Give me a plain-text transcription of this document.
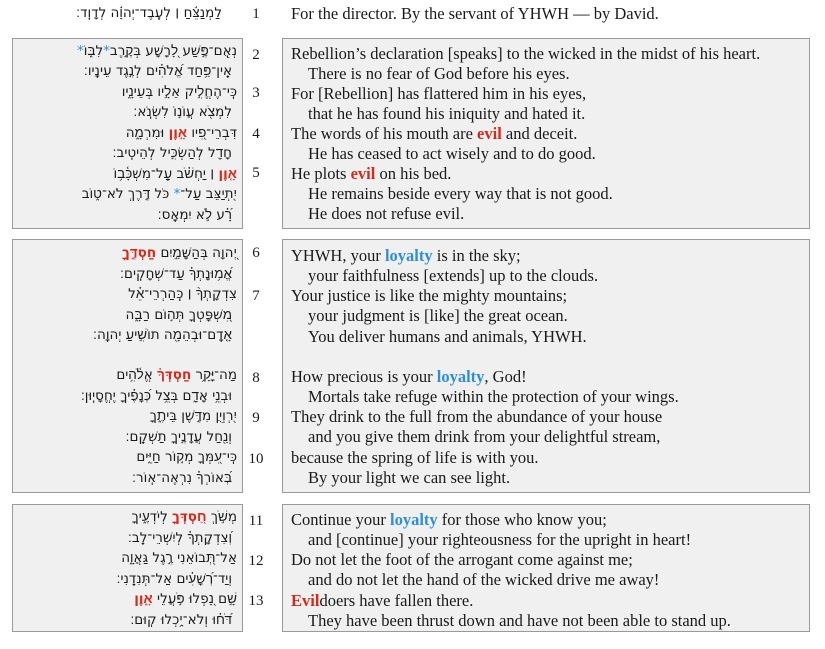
לַמְנַצֵּ֬חַ ׀ לְעֶֽבֶד־יְהוָ֬ה לְדָוִֽד׃	1	For the director. By the servant of YHWH — by David.
נְאֻֽם־פֶּ֣שַׁע לָ֭רָשָׁע בְּקֶ֣רֶב*לִבּ֑וֹ*
אֵֽין־פַּ֥חַד אֱ֝לֹהִ֗ים לְנֶ֣גֶד עֵינָֽיו׃
כִּֽי־הֶחֱלִ֣יק אֵלָ֣יו בְּעֵינָ֑יו
לִמְצֹ֖א עֲוֺנ֣וֹ לִשְׂנֹֽא׃
דִּבְרֵי־פִ֭יו אָ֣וֶן וּמִרְמָ֑ה
חָדַ֖ל לְהַשְׂכִּ֣יל לְהֵיטִֽיב׃
אָ֤וֶן ׀ יַחְשֹׁ֗ב עַֽל־מִשְׁכָּ֫ב֥וֹ
יִ֭תְיַצֵּב עַל־* כֹּל דֶּ֣רֶךְ לֹא־ט֑וֹב
רָ֝֗ע לֹ֣א יִמְאָֽס׃
2
3
4
5
Rebellion’s declaration [speaks] to the wicked in the midst of his heart.
There is no fear of God before his eyes.
For [Rebellion] has flattered him in his eyes,
that he has found his iniquity and hated it.
The words of his mouth are evil and deceit.
He has ceased to act wisely and to do good.
He plots evil on his bed.
He remains beside every way that is not good.
He does not refuse evil.
יְ֭הוָה בְּהַשָּׁמַ֣יִם חַסְדֶּ֑ךָ
אֱ֝מ֥וּנָתְךָ֗ עַד־שְׁחָקִֽים׃
צִדְקָתְךָ֨ ׀ כְּֽהַרְרֵי־אֵ֗ל
מִ֭שְׁפָּטְךָ תְּה֣וֹם רַבָּ֑ה
אָ֤דָֽם־וּבְהֵמָ֖ה תוֹשִׁ֣יעַ יְהוָֽה׃
מַה־יָּקָ֥ר חַסְדְּךָ֗ אֱלֹ֫הִ֥ים
וּבְנֵ֥י אָדָ֑ם בְּצֵ֥ל כְּ֝נָפֶ֗יךָ יֶחֱסָיֽוּן׃
יִ֭רְוְיֻן מִדֶּ֣שֶׁן בֵּיתֶ֑ךָ
וְנַ֖חַל עֲדָנֶ֣יךָ תַשְׁקֵֽם׃
כִּֽי־עִ֭מְּךָ מְק֣וֹר חַיִּ֑ים
בְּ֝אוֹרְךָ֗ נִרְאֶה־אֽוֹר׃
6
7
8
9
10
YHWH, your loyalty is in the sky;
your faithfulness [extends] up to the clouds.
Your justice is like the mighty mountains;
your judgment is [like] the great ocean.
You deliver humans and animals, YHWH.
How precious is your loyalty, God!
Mortals take refuge within the protection of your wings.
They drink to the full from the abundance of your house
and you give them drink from your delightful stream,
because the spring of life is with you.
By your light we can see light.
מְשֹׁ֣ךְ חַ֭סְדְּךָ לְיֹדְעֶ֑יךָ
וְ֝צִדְקָתְךָ֗ לְיִשְׁרֵי־לֵֽב׃
אַל־תְּ֭בוֹאֵנִי רֶ֣גֶל גַּאֲוָ֑ה
וְיַד־רְ֝שָׁעִ֗ים אַל־תְּנִדֵֽנִי׃
שָׁ֣ם נָ֭פְלוּ פֹּ֣עֲלֵי אָ֑וֶן
דֹּ֝ח֗וּ וְלֹא־יָ֥כְלוּ קֽוּם׃
11
12
13
Continue your loyalty for those who know you;
and [continue] your righteousness for the upright in heart!
Do not let the foot of the arrogant come against me;
and do not let the hand of the wicked drive me away!
Evildoers have fallen there.
They have been thrust down and have not been able to stand up.
